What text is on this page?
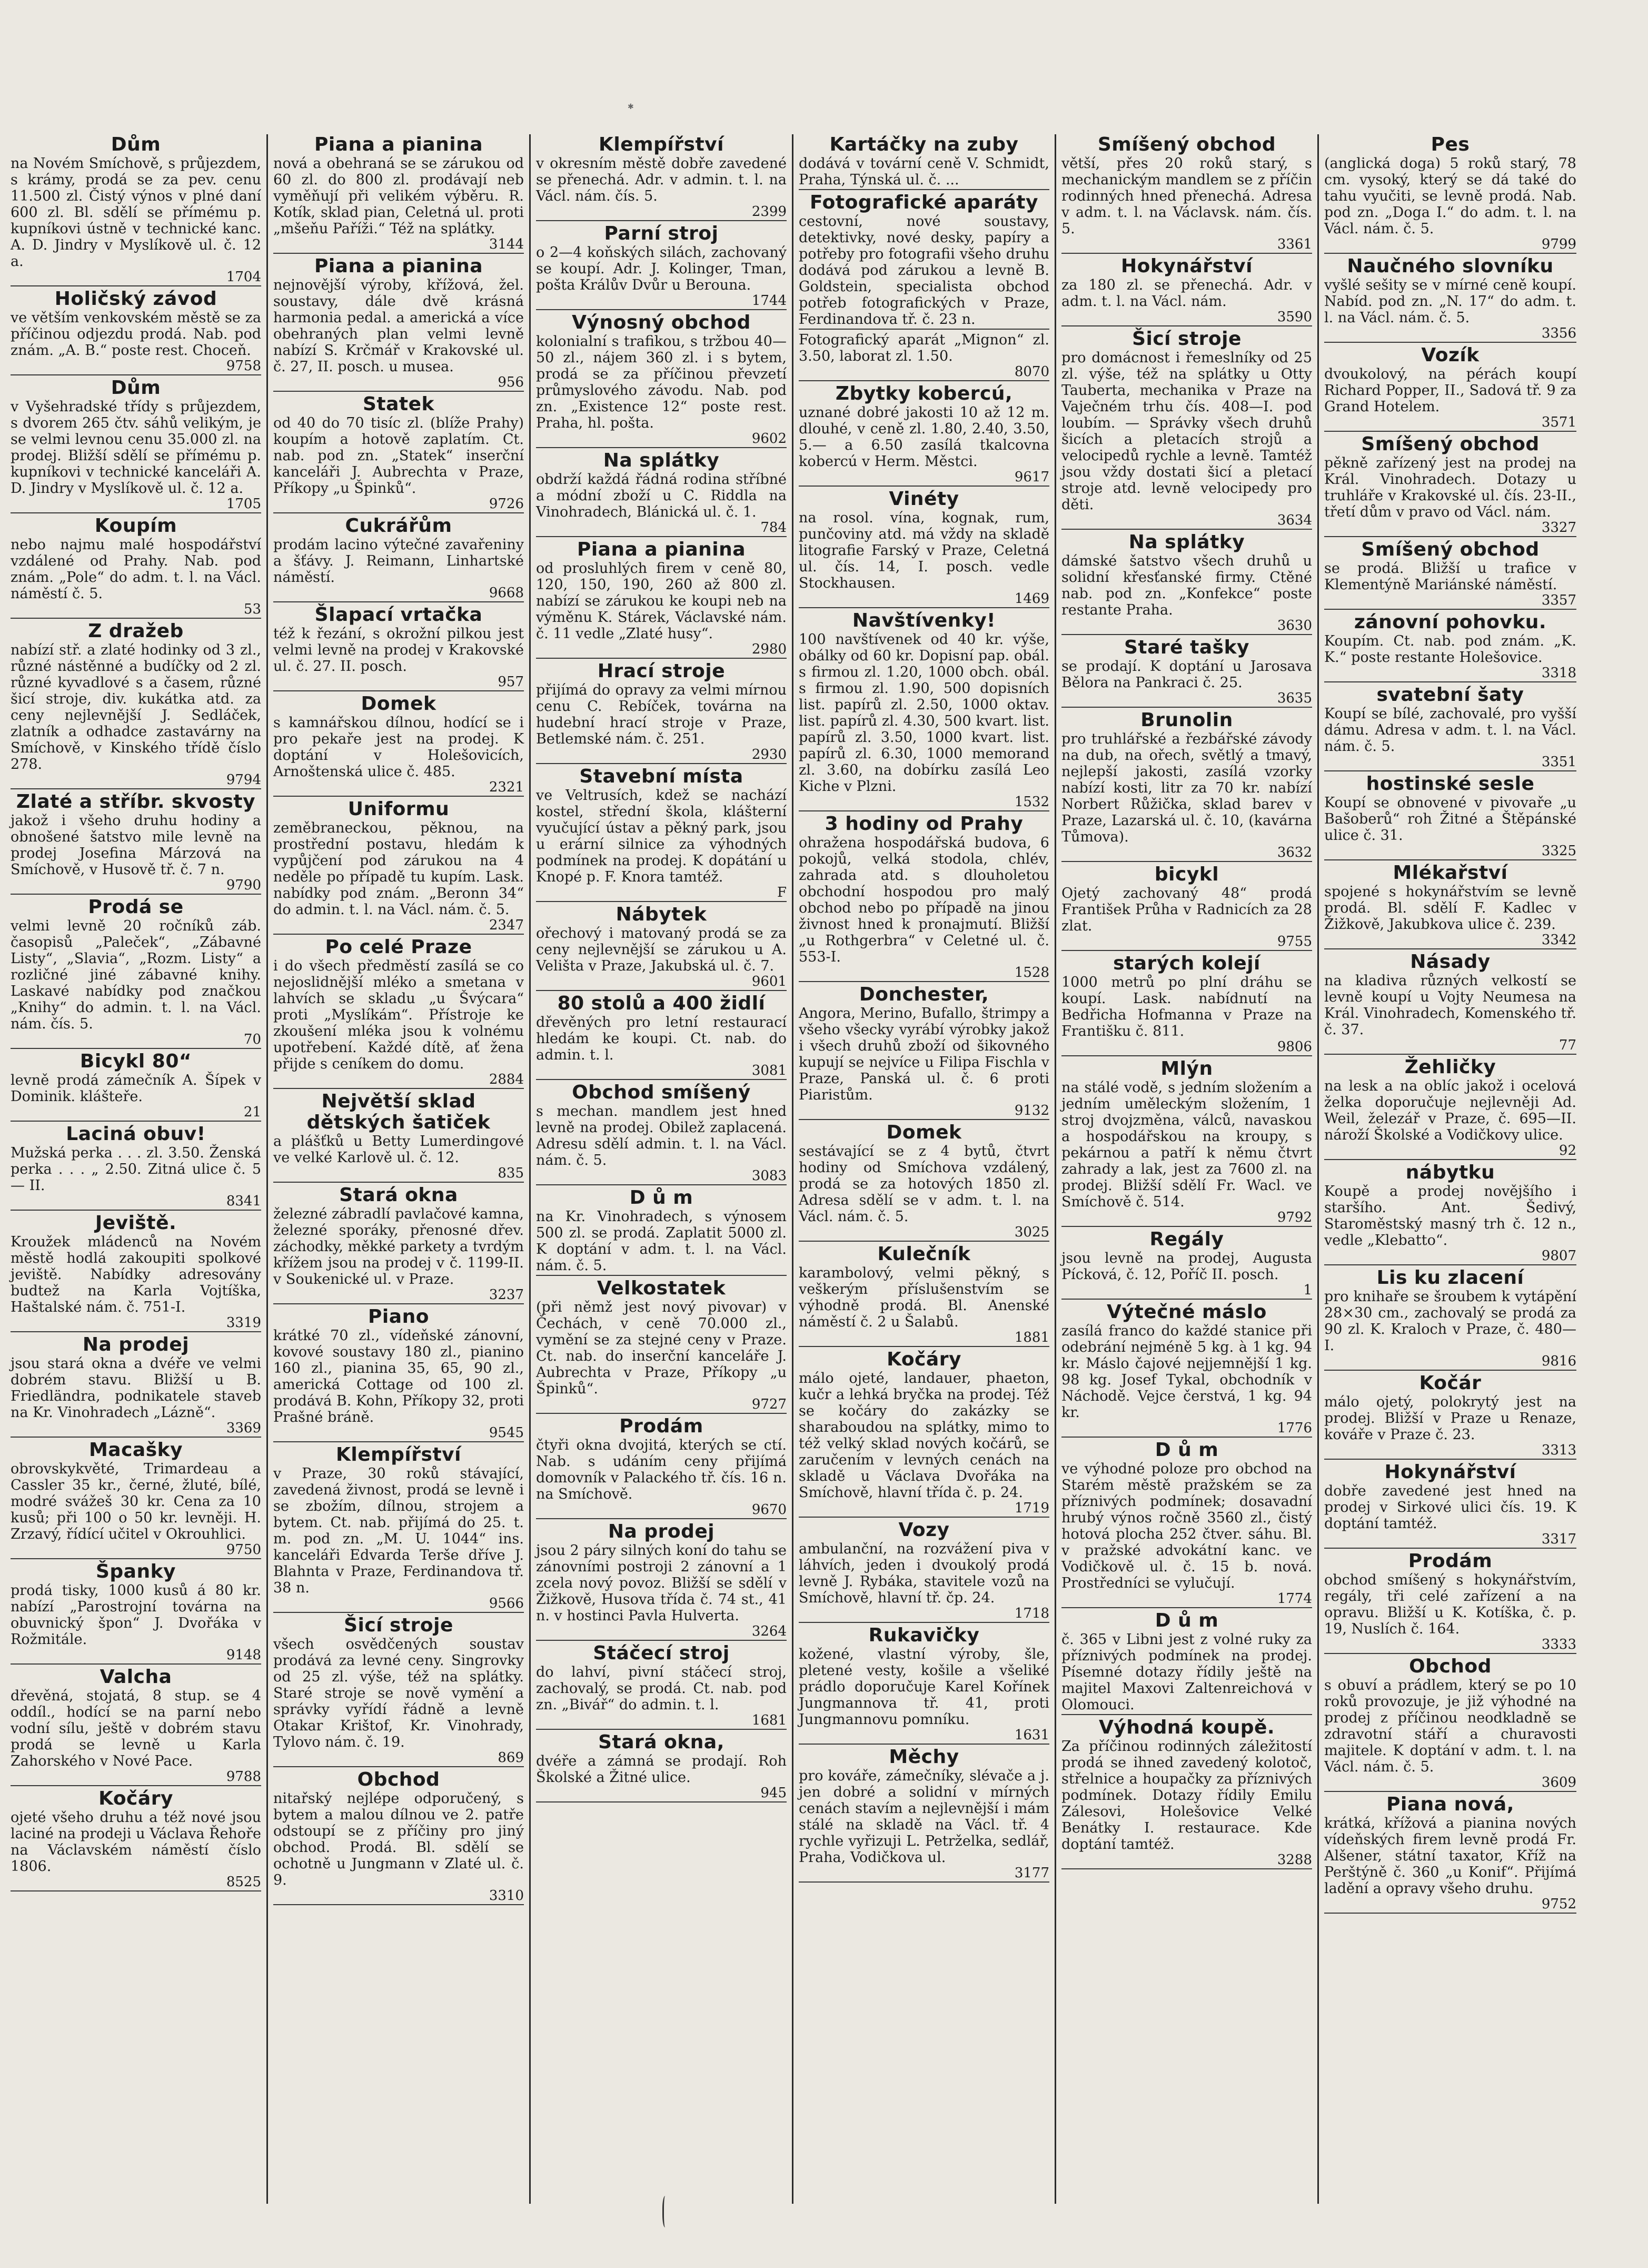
✱
Dům
na Novém Smíchově, s průjezdem, s krámy, prodá se za pev. cenu 11.500 zl. Čistý výnos v plné daní 600 zl. Bl. sdělí se přímému p. kupníkovi ústně v technické kanc. A. D. Jindry v Myslíkově ul. č. 12 a.
1704
Holičský závod
ve větším venkovském městě se za příčinou odjezdu prodá. Nab. pod znám. „A. B.“ poste rest. Choceň.
9758
Dům
v Vyšehradské třídy s průjezdem, s dvorem 265 čtv. sáhů velikým, je se velmi levnou cenu 35.000 zl. na prodej. Bližší sdělí se přímému p. kupníkovi v technické kanceláři A. D. Jindry v Myslíkově ul. č. 12 a.
1705
Koupím
nebo najmu malé hospodářství vzdálené od Prahy. Nab. pod znám. „Pole“ do adm. t. l. na Václ. náměstí č. 5.
53
Z dražeb
nabízí stř. a zlaté hodinky od 3 zl., různé nástěnné a budíčky od 2 zl. různé kyvadlové s a časem, různé šicí stroje, div. kukátka atd. za ceny nejlevnější J. Sedláček, zlatník a odhadce zastavárny na Smíchově, v Kinského třídě číslo 278.
9794
Zlaté a stříbr. skvosty
jakož i všeho druhu hodiny a obnošené šatstvo mile levně na prodej Josefina Márzová na Smíchově, v Husově tř. č. 7 n.
9790
Prodá se
velmi levně 20 ročníků záb. časopisů „Paleček“, „Zábavné Listy“, „Slavia“, „Rozm. Listy“ a rozličné jiné zábavné knihy. Laskavé nabídky pod značkou „Knihy“ do admin. t. l. na Václ. nám. čís. 5.
70
Bicykl 80“
levně prodá zámečník A. Šípek v Dominik. klášteře.
21
Laciná obuv!
Mužská perka . . . zl. 3.50. Ženská perka . . . „ 2.50. Zitná ulice č. 5 — II.
8341
Jeviště.
Kroužek mládenců na Novém městě hodlá zakoupiti spolkové jeviště. Nabídky adresovány budtež na Karla Vojtíška, Haštalské nám. č. 751-I.
3319
Na prodej
jsou stará okna a dvéře ve velmi dobrém stavu. Bližší u B. Friedländra, podnikatele staveb na Kr. Vinohradech „Lázně“.
3369
Macašky
obrovskykvěté, Trimardeau a Cassler 35 kr., černé, žluté, bílé, modré svážeš 30 kr. Cena za 10 kusů; při 100 o 50 kr. levněji. H. Zrzavý, řídící učitel v Okrouhlici.
9750
Španky
prodá tisky, 1000 kusů á 80 kr. nabízí „Parostrojní továrna na obuvnický špon“ J. Dvořáka v Rožmitále.
9148
Valcha
dřevěná, stojatá, 8 stup. se 4 oddíl., hodící se na parní nebo vodní sílu, ještě v dobrém stavu prodá se levně u Karla Zahorského v Nové Pace.
9788
Kočáry
ojeté všeho druhu a též nové jsou laciné na prodeji u Václava Řehoře na Václavském náměstí číslo 1806.
8525
Piana a pianina
nová a obehraná se se zárukou od 60 zl. do 800 zl. prodávají neb vyměňují při velikém výběru. R. Kotík, sklad pian, Celetná ul. proti „mšeňu Paříži.“ Též na splátky.
3144
Piana a pianina
nejnovější výroby, křížová, žel. soustavy, dále dvě krásná harmonia pedal. a americká a více obehraných plan velmi levně nabízí S. Krčmář v Krakovské ul. č. 27, II. posch. u musea.
956
Statek
od 40 do 70 tisíc zl. (blíže Prahy) koupím a hotově zaplatím. Ct. nab. pod zn. „Statek“ inserční kanceláři J. Aubrechta v Praze, Příkopy „u Špinků“.
9726
Cukrářům
prodám lacino výtečné zavařeniny a šťávy. J. Reimann, Linhartské náměstí.
9668
Šlapací vrtačka
též k řezání, s okrožní pilkou jest velmi levně na prodej v Krakovské ul. č. 27. II. posch.
957
Domek
s kamnářskou dílnou, hodící se i pro pekaře jest na prodej. K doptání v Holešovicích, Arnoštenská ulice č. 485.
2321
Uniformu
zeměbraneckou, pěknou, na prostřední postavu, hledám k vypůjčení pod zárukou na 4 neděle po případě tu kupím. Lask. nabídky pod znám. „Beronn 34“ do admin. t. l. na Václ. nám. č. 5.
2347
Po celé Praze
i do všech předměstí zasílá se co nejoslidnější mléko a smetana v lahvích se skladu „u Švýcara“ proti „Myslíkám“. Přístroje ke zkoušení mléka jsou k volnému upotřebení. Každé dítě, ať žena přijde s ceníkem do domu.
2884
Největší sklad dětských šatiček
a plášťků u Betty Lumerdingové ve velké Karlově ul. č. 12.
835
Stará okna
železné zábradlí pavlačové kamna, železné sporáky, přenosné dřev. záchodky, měkké parkety a tvrdým křížem jsou na prodej v č. 1199-II. v Soukenické ul. v Praze.
3237
Piano
krátké 70 zl., vídeňské zánovní, kovové soustavy 180 zl., pianino 160 zl., pianina 35, 65, 90 zl., americká Cottage od 100 zl. prodává B. Kohn, Příkopy 32, proti Prašné bráně.
9545
Klempířství
v Praze, 30 roků stávající, zavedená živnost, prodá se levně i se zbožím, dílnou, strojem a bytem. Ct. nab. přijímá do 25. t. m. pod zn. „M. U. 1044“ ins. kanceláři Edvarda Terše dříve J. Blahnta v Praze, Ferdinandova tř. 38 n.
9566
Šicí stroje
všech osvědčených soustav prodává za levné ceny. Singrovky od 25 zl. výše, též na splátky. Staré stroje se nově vymění a správky vyřídí řádně a levně Otakar Krištof, Kr. Vinohrady, Tylovo nám. č. 19.
869
Obchod
nitařský nejlépe odporučený, s bytem a malou dílnou ve 2. patře odstoupí se z příčiny pro jiný obchod. Prodá. Bl. sdělí se ochotně u Jungmann v Zlaté ul. č. 9.
3310
Klempířství
v okresním městě dobře zavedené se přenechá. Adr. v admin. t. l. na Václ. nám. čís. 5.
2399
Parní stroj
o 2—4 koňských silách, zachovaný se koupí. Adr. J. Kolinger, Tman, pošta Králův Dvůr u Berouna.
1744
Výnosný obchod
kolonialní s trafikou, s tržbou 40—50 zl., nájem 360 zl. i s bytem, prodá se za příčinou převzetí průmyslového závodu. Nab. pod zn. „Existence 12“ poste rest. Praha, hl. pošta.
9602
Na splátky
obdrží každá řádná rodina stříbné a módní zboží u C. Riddla na Vinohradech, Blánická ul. č. 1.
784
Piana a pianina
od prosluhlých firem v ceně 80, 120, 150, 190, 260 až 800 zl. nabízí se zárukou ke koupi neb na výměnu K. Stárek, Václavské nám. č. 11 vedle „Zlaté husy“.
2980
Hrací stroje
přijímá do opravy za velmi mírnou cenu C. Rebíček, továrna na hudební hrací stroje v Praze, Betlemské nám. č. 251.
2930
Stavební místa
ve Veltrusích, kdež se nachází kostel, střední škola, klášterní vyučující ústav a pěkný park, jsou u erární silnice za výhodných podmínek na prodej. K dopátání u Knopé p. F. Knora tamtéž.
F
Nábytek
ořechový i matovaný prodá se za ceny nejlevnější se zárukou u A. Velišta v Praze, Jakubská ul. č. 7.
9601
80 stolů a 400 židlí
dřevěných pro letní restaurací hledám ke koupi. Ct. nab. do admin. t. l.
3081
Obchod smíšený
s mechan. mandlem jest hned levně na prodej. Obilež zaplacená. Adresu sdělí admin. t. l. na Václ. nám. č. 5.
3083
D ů m
na Kr. Vinohradech, s výnosem 500 zl. se prodá. Zaplatit 5000 zl. K doptání v adm. t. l. na Václ. nám. č. 5.
Velkostatek
(při němž jest nový pivovar) v Čechách, v ceně 70.000 zl., vymění se za stejné ceny v Praze. Ct. nab. do inserční kanceláře J. Aubrechta v Praze, Příkopy „u Špinků“.
9727
Prodám
čtyři okna dvojitá, kterých se ctí. Nab. s udáním ceny přijímá domovník v Palackého tř. čís. 16 n. na Smíchově.
9670
Na prodej
jsou 2 páry silných koní do tahu se zánovními postroji 2 zánovní a 1 zcela nový povoz. Bližší se sdělí v Žižkově, Husova třída č. 74 st., 41 n. v hostinci Pavla Hulverta.
3264
Stáčecí stroj
do lahví, pivní stáčecí stroj, zachovalý, se prodá. Ct. nab. pod zn. „Bivář“ do admin. t. l.
1681
Stará okna,
dvéře a zámná se prodají. Roh Školské a Žitné ulice.
945
Kartáčky na zuby
dodává v tovární ceně V. Schmidt, Praha, Týnská ul. č. ...
Fotografické aparáty
cestovní, nové soustavy, detektivky, nové desky, papíry a potřeby pro fotografii všeho druhu dodává pod zárukou a levně B. Goldstein, specialista obchod potřeb fotografických v Praze, Ferdinandova tř. č. 23 n.
Fotografický aparát „Mignon“ zl. 3.50, laborat zl. 1.50.
8070
Zbytky kobercú,
uznané dobré jakosti 10 až 12 m. dlouhé, v ceně zl. 1.80, 2.40, 3.50, 5.— a 6.50 zasílá tkalcovna kobercú v Herm. Městci.
9617
Vinéty
na rosol. vína, kognak, rum, punčoviny atd. má vždy na skladě litografie Farský v Praze, Celetná ul. čís. 14, I. posch. vedle Stockhausen.
1469
Navštívenky!
100 navštívenek od 40 kr. výše, obálky od 60 kr. Dopisní pap. obál. s firmou zl. 1.20, 1000 obch. obál. s firmou zl. 1.90, 500 dopisních list. papírů zl. 2.50, 1000 oktav. list. papírů zl. 4.30, 500 kvart. list. papírů zl. 3.50, 1000 kvart. list. papírů zl. 6.30, 1000 memorand zl. 3.60, na dobírku zasílá Leo Kiche v Plzni.
1532
3 hodiny od Prahy
ohražena hospodářská budova, 6 pokojů, velká stodola, chlév, zahrada atd. s dlouholetou obchodní hospodou pro malý obchod nebo po případě na jinou živnost hned k pronajmutí. Bližší „u Rothgerbra“ v Celetné ul. č. 553-I.
1528
Donchester,
Angora, Merino, Bufallo, štrimpy a všeho všecky vyrábí výrobky jakož i všech druhů zboží od šikovného kupují se nejvíce u Filipa Fischla v Praze, Panská ul. č. 6 proti Piaristům.
9132
Domek
sestávající se z 4 bytů, čtvrt hodiny od Smíchova vzdálený, prodá se za hotových 1850 zl. Adresa sdělí se v adm. t. l. na Václ. nám. č. 5.
3025
Kulečník
karambolový, velmi pěkný, s veškerým příslušenstvím se výhodně prodá. Bl. Anenské náměstí č. 2 u Šalabů.
1881
Kočáry
málo ojeté, landauer, phaeton, kučr a lehká bryčka na prodej. Též se kočáry do zakázky se sharaboudou na splátky, mimo to též velký sklad nových kočárů, se zaručením v levných cenách na skladě u Václava Dvořáka na Smíchově, hlavní třída č. p. 24.
1719
Vozy
ambulanční, na rozvážení piva v láhvích, jeden i dvoukolý prodá levně J. Rybáka, stavitele vozů na Smíchově, hlavní tř. čp. 24.
1718
Rukavičky
kožené, vlastní výroby, šle, pletené vesty, košile a všeliké prádlo doporučuje Karel Kořínek Jungmannova tř. 41, proti Jungmannovu pomníku.
1631
Měchy
pro kováře, zámečníky, slévače a j. jen dobré a solidní v mírných cenách stavím a nejlevnější i mám stálé na skladě na Václ. tř. 4 rychle vyřizuji L. Petrželka, sedlář, Praha, Vodičkova ul.
3177
Smíšený obchod
větší, přes 20 roků starý, s mechanickým mandlem se z příčin rodinných hned přenechá. Adresa v adm. t. l. na Václavsk. nám. čís. 5.
3361
Hokynářství
za 180 zl. se přenechá. Adr. v adm. t. l. na Václ. nám.
3590
Šicí stroje
pro domácnost i řemeslníky od 25 zl. výše, též na splátky u Otty Tauberta, mechanika v Praze na Vaječném trhu čís. 408—I. pod loubím. — Správky všech druhů šicích a pletacích strojů a velocipedů rychle a levně. Tamtéž jsou vždy dostati šicí a pletací stroje atd. levně velocipedy pro děti.
3634
Na splátky
dámské šatstvo všech druhů u solidní křesťanské firmy. Ctěné nab. pod zn. „Konfekce“ poste restante Praha.
3630
Staré tašky
se prodají. K doptání u Jarosava Bělora na Pankraci č. 25.
3635
Brunolin
pro truhlářské a řezbářské závody na dub, na ořech, světlý a tmavý, nejlepší jakosti, zasílá vzorky nabízí kosti, litr za 70 kr. nabízí Norbert Růžička, sklad barev v Praze, Lazarská ul. č. 10, (kavárna Tůmova).
3632
bicykl
Ojetý zachovaný 48“ prodá František Průha v Radnicích za 28 zlat.
9755
starých kolejí
1000 metrů po plní dráhu se koupí. Lask. nabídnutí na Bedřicha Hofmanna v Praze na Františku č. 811.
9806
Mlýn
na stálé vodě, s jedním složením a jedním uměleckým složením, 1 stroj dvojzměna, válců, navaskou a hospodářskou na kroupy, s pekárnou a patří k němu čtvrt zahrady a lak, jest za 7600 zl. na prodej. Bližší sdělí Fr. Wacl. ve Smíchově č. 514.
9792
Regály
jsou levně na prodej, Augusta Pícková, č. 12, Poříč II. posch.
1
Výtečné máslo
zasílá franco do každé stanice při odebrání nejméně 5 kg. à 1 kg. 94 kr. Máslo čajové nejjemnější 1 kg. 98 kg. Josef Tykal, obchodník v Náchodě. Vejce čerstvá, 1 kg. 94 kr.
1776
D ů m
ve výhodné poloze pro obchod na Starém městě pražském se za příznivých podmínek; dosavadní hrubý výnos ročně 3560 zl., čistý hotová plocha 252 čtver. sáhu. Bl. v pražské advokátní kanc. ve Vodičkově ul. č. 15 b. nová. Prostředníci se vylučují.
1774
D ů m
č. 365 v Libni jest z volné ruky za příznivých podmínek na prodej. Písemné dotazy řídily ještě na majitel Maxovi Zaltenreichová v Olomouci.
Výhodná koupě.
Za příčinou rodinných záležitostí prodá se ihned zavedený kolotoč, střelnice a houpačky za příznivých podmínek. Dotazy řídily Emilu Zálesovi, Holešovice Velké Benátky I. restaurace. Kde doptání tamtéž.
3288
Pes
(anglická doga) 5 roků starý, 78 cm. vysoký, který se dá také do tahu vyučiti, se levně prodá. Nab. pod zn. „Doga I.“ do adm. t. l. na Václ. nám. č. 5.
9799
Naučného slovníku
vyšlé sešity se v mírné ceně koupí. Nabíd. pod zn. „N. 17“ do adm. t. l. na Václ. nám. č. 5.
3356
Vozík
dvoukolový, na pérách koupí Richard Popper, II., Sadová tř. 9 za Grand Hotelem.
3571
Smíšený obchod
pěkně zařízený jest na prodej na Král. Vinohradech. Dotazy u truhláře v Krakovské ul. čís. 23-II., třetí dům v pravo od Václ. nám.
3327
Smíšený obchod
se prodá. Bližší u trafice v Klementýně Mariánské náměstí.
3357
zánovní pohovku.
Koupím. Ct. nab. pod znám. „K. K.“ poste restante Holešovice.
3318
svatební šaty
Koupí se bílé, zachovalé, pro vyšší dámu. Adresa v adm. t. l. na Václ. nám. č. 5.
3351
hostinské sesle
Koupí se obnovené v pivovaře „u Bašoberů“ roh Žitné a Štěpánské ulice č. 31.
3325
Mlékařství
spojené s hokynářstvím se levně prodá. Bl. sdělí F. Kadlec v Žižkově, Jakubkova ulice č. 239.
3342
Násady
na kladiva různých velkostí se levně koupí u Vojty Neumesa na Král. Vinohradech, Komenského tř. č. 37.
77
Žehličky
na lesk a na oblíc jakož i ocelová želka doporučuje nejlevněji Ad. Weil, železář v Praze, č. 695—II. nároží Školské a Vodičkovy ulice.
92
nábytku
Koupě a prodej novějšího i staršího. Ant. Šedivý, Staroměstský masný trh č. 12 n., vedle „Klebatto“.
9807
Lis ku zlacení
pro knihaře se šroubem k vytápění 28×30 cm., zachovalý se prodá za 90 zl. K. Kraloch v Praze, č. 480—I.
9816
Kočár
málo ojetý, polokrytý jest na prodej. Bližší v Praze u Renaze, kováře v Praze č. 23.
3313
Hokynářství
dobře zavedené jest hned na prodej v Sirkové ulici čís. 19. K doptání tamtéž.
3317
Prodám
obchod smíšený s hokynářstvím, regály, tři celé zařízení a na opravu. Bližší u K. Kotíška, č. p. 19, Nuslích č. 164.
3333
Obchod
s obuví a prádlem, který se po 10 roků provozuje, je již výhodné na prodej z příčinou neodkladně se zdravotní stáří a churavosti majitele. K doptání v adm. t. l. na Václ. nám. č. 5.
3609
Piana nová,
krátká, křížová a pianina nových vídeňských firem levně prodá Fr. Alšener, státní taxator, Kříž na Perštýně č. 360 „u Konif“. Přijímá ladění a opravy všeho druhu.
9752
